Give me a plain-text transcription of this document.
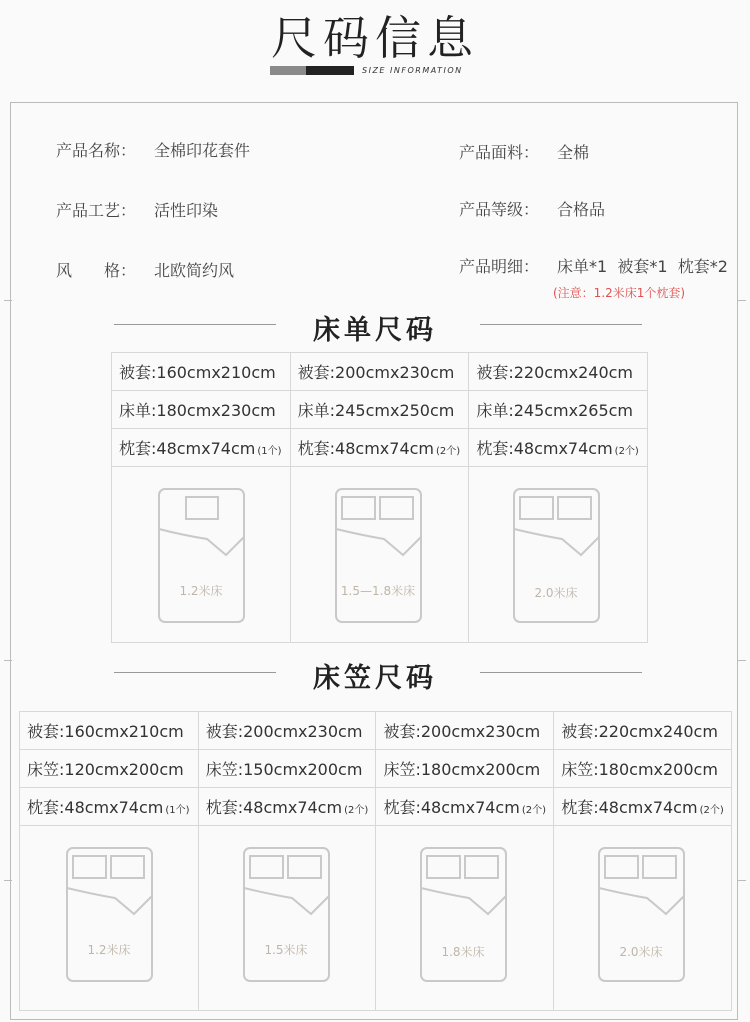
尺码信息
SIZE INFORMATION
产品名称： 全棉印花套件
产品工艺： 活性印染
风　　格： 北欧简约风
产品面料： 全棉
产品等级： 合格品
产品明细： 床单*1  被套*1  枕套*2
(注意：1.2米床1个枕套)
床单尺码
被套:160cmx210cm	被套:200cmx230cm	被套:220cmx240cm
床单:180cmx230cm	床单:245cmx250cm	床单:245cmx265cm
枕套:48cmx74cm (1个)	枕套:48cmx74cm (2个)	枕套:48cmx74cm (2个)

1.2米床	1.5—1.8米床	2.0米床
床笠尺码
被套:160cmx210cm	被套:200cmx230cm	被套:200cmx230cm	被套:220cmx240cm
床笠:120cmx200cm	床笠:150cmx200cm	床笠:180cmx200cm	床笠:180cmx200cm
枕套:48cmx74cm (1个)	枕套:48cmx74cm (2个)	枕套:48cmx74cm (2个)	枕套:48cmx74cm (2个)

1.2米床	1.5米床	1.8米床	2.0米床
